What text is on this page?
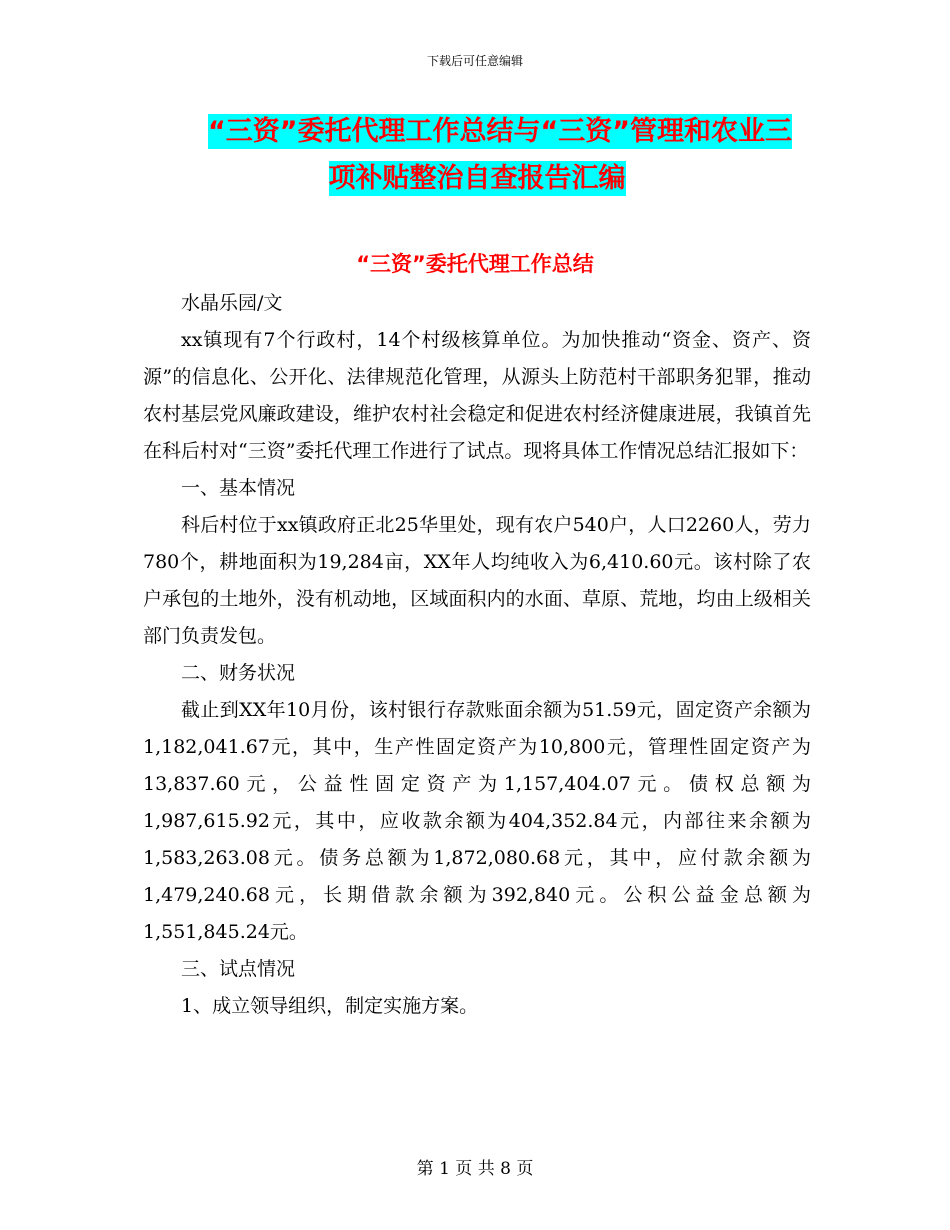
下载后可任意编辑
“三资”委托代理工作总结与“三资”管理和农业三
项补贴整治自查报告汇编
“三资”委托代理工作总结

水晶乐园/文

xx镇现有7个行政村，14个村级核算单位。为加快推动“资金、资产、资源”的信息化、公开化、法律规范化管理，从源头上防范村干部职务犯罪，推动农村基层党风廉政建设，维护农村社会稳定和促进农村经济健康进展，我镇首先在科后村对“三资”委托代理工作进行了试点。现将具体工作情况总结汇报如下：

一、基本情况

科后村位于xx镇政府正北25华里处，现有农户540户，人口2260人，劳力780个，耕地面积为19,284亩，XX年人均纯收入为6,410.60元。该村除了农户承包的土地外，没有机动地，区域面积内的水面、草原、荒地，均由上级相关部门负责发包。

二、财务状况

截止到XX年10月份，该村银行存款账面余额为51.59元，固定资产余额为1,182,041.67元，其中，生产性固定资产为10,800元，管理性固定资产为13,837.60元，公益性固定资产为1,157,404.07元。债权总额为1,987,615.92元，其中，应收款余额为404,352.84元，内部往来余额为1,583,263.08元。债务总额为1,872,080.68元，其中，应付款余额为1,479,240.68元，长期借款余额为392,840元。公积公益金总额为1,551,845.24元。

三、试点情况

1、成立领导组织，制定实施方案。

第 1 页 共 8 页
